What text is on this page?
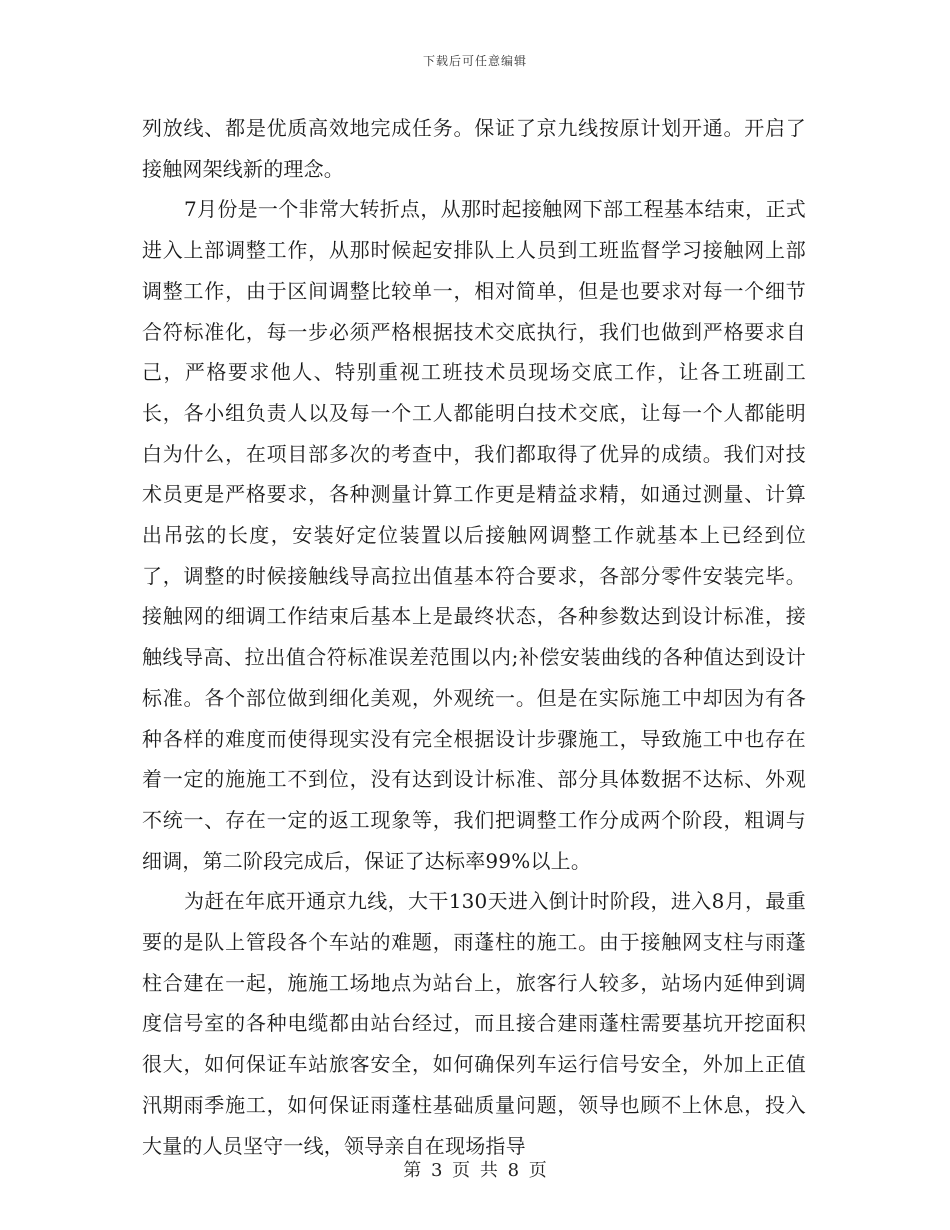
下载后可任意编辑

列放线、都是优质高效地完成任务。保证了京九线按原计划开通。开启了接触网架线新的理念。

7月份是一个非常大转折点，从那时起接触网下部工程基本结束，正式进入上部调整工作，从那时候起安排队上人员到工班监督学习接触网上部调整工作，由于区间调整比较单一，相对简单，但是也要求对每一个细节合符标准化，每一步必须严格根据技术交底执行，我们也做到严格要求自己，严格要求他人、特别重视工班技术员现场交底工作，让各工班副工长，各小组负责人以及每一个工人都能明白技术交底，让每一个人都能明白为什么，在项目部多次的考查中，我们都取得了优异的成绩。我们对技术员更是严格要求，各种测量计算工作更是精益求精，如通过测量、计算出吊弦的长度，安装好定位装置以后接触网调整工作就基本上已经到位了，调整的时候接触线导高拉出值基本符合要求，各部分零件安装完毕。接触网的细调工作结束后基本上是最终状态，各种参数达到设计标准，接触线导高、拉出值合符标准误差范围以内;补偿安装曲线的各种值达到设计标准。各个部位做到细化美观，外观统一。但是在实际施工中却因为有各种各样的难度而使得现实没有完全根据设计步骤施工，导致施工中也存在着一定的施施工不到位，没有达到设计标准、部分具体数据不达标、外观不统一、存在一定的返工现象等，我们把调整工作分成两个阶段，粗调与细调，第二阶段完成后，保证了达标率99%以上。

为赶在年底开通京九线，大干130天进入倒计时阶段，进入8月，最重要的是队上管段各个车站的难题，雨蓬柱的施工。由于接触网支柱与雨蓬柱合建在一起，施施工场地点为站台上，旅客行人较多，站场内延伸到调度信号室的各种电缆都由站台经过，而且接合建雨蓬柱需要基坑开挖面积很大，如何保证车站旅客安全，如何确保列车运行信号安全，外加上正值汛期雨季施工，如何保证雨蓬柱基础质量问题，领导也顾不上休息，投入大量的人员坚守一线，领导亲自在现场指导

第 3 页 共 8 页
